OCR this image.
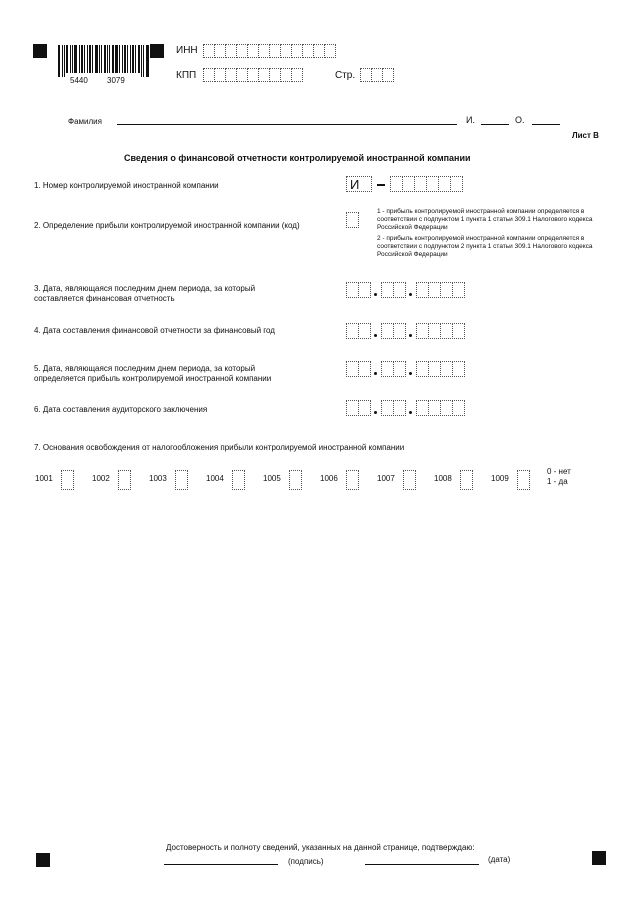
5440 3079
ИНН
КПП	Стр.
Фамилия	И.	О.
Лист В
Сведения о финансовой отчетности контролируемой иностранной компании
1. Номер контролируемой иностранной компании	И
2. Определение прибыли контролируемой иностранной компании (код)
1 - прибыль контролируемой иностранной компании определяется в соответствии с подпунктом 1 пункта 1 статьи 309.1 Налогового кодекса Российской Федерации
2 - прибыль контролируемой иностранной компании определяется в соответствии с подпунктом 2 пункта 1 статьи 309.1 Налогового кодекса Российской Федерации
3. Дата, являющаяся последним днем периода, за который
составляется финансовая отчетность
4. Дата составления финансовой отчетности за финансовый год
5. Дата, являющаяся последним днем периода, за который
определяется прибыль контролируемой иностранной компании
6. Дата составления аудиторского заключения
7. Основания освобождения от налогообложения прибыли контролируемой иностранной компании
1001	1002	1003	1004	1005	1006	1007	1008	1009
0 - нет
1 - да
Достоверность и полноту сведений, указанных на данной странице, подтверждаю:
(подпись)	(дата)
